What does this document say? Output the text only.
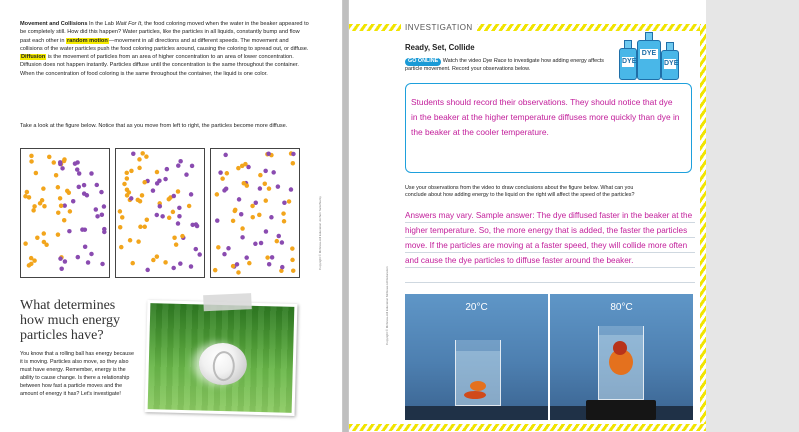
Movement and Collisions In the Lab Wait For It, the food coloring moved when the water in the beaker appeared to be completely still. How did this happen? Water particles, like the particles in all liquids, constantly bump and flow past each other in random motion—movement in all directions and at different speeds. The movement and collisions of the water particles push the food coloring particles around, causing the coloring to spread out, or diffuse. Diffusion is the movement of particles from an area of higher concentration to an area of lower concentration. Diffusion does not happen instantly. Particles diffuse until the concentration is the same throughout the container. When the concentration of food coloring is the same throughout the container, the liquid is one color.

Take a look at the figure below. Notice that as you move from left to right, the particles become more diffuse.

Copyright © McGraw-Hill Education Jochen Tack/Alamy
What determines how much energy particles have?

You know that a rolling ball has energy because it is moving. Particles also move, so they also must have energy. Remember, energy is the ability to cause change. Is there a relationship between how fast a particle moves and the amount of energy it has? Let's investigate!

INVESTIGATION
Ready, Set, Collide

GO ONLINE Watch the video Dye Race to investigate how adding energy affects particle movement. Record your observations below.

DYE
DYE
DYE

Students should record their observations. They should notice that dye in the beaker at the higher temperature diffuses more quickly than dye in the beaker at the cooler temperature.

Use your observations from the video to draw conclusions about the figure below. What can you conclude about how adding energy to the liquid on the right will affect the speed of the particles?

Answers may vary. Sample answer: The dye diffused faster in the beaker at the higher temperature. So, the more energy that is added, the faster the particles move. If the particles are moving at a faster speed, they will collide more often and cause the dye particles to diffuse faster around the beaker.

Copyright © McGraw-Hill Education McGraw-Hill Education	20°C	80°C
